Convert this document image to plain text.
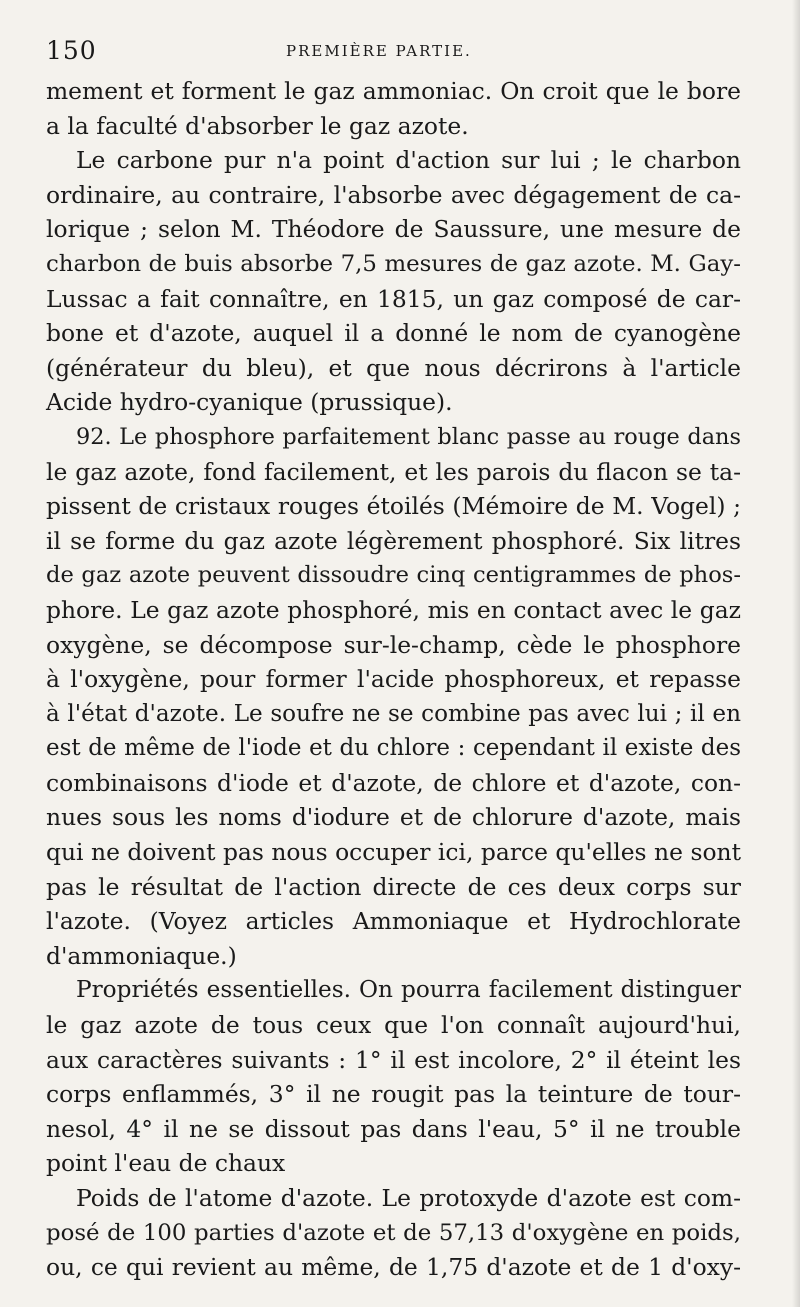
150	PREMIÈRE PARTIE.
mement et forment le gaz ammoniac. On croit que le bore
a la faculté d'absorber le gaz azote.
Le carbone pur n'a point d'action sur lui ; le charbon
ordinaire, au contraire, l'absorbe avec dégagement de ca-
lorique ; selon M. Théodore de Saussure, une mesure de
charbon de buis absorbe 7,5 mesures de gaz azote. M. Gay-
Lussac a fait connaître, en 1815, un gaz composé de car-
bone et d'azote, auquel il a donné le nom de cyanogène
(générateur du bleu), et que nous décrirons à l'article
Acide hydro-cyanique (prussique).
92. Le phosphore parfaitement blanc passe au rouge dans
le gaz azote, fond facilement, et les parois du flacon se ta-
pissent de cristaux rouges étoilés (Mémoire de M. Vogel) ;
il se forme du gaz azote légèrement phosphoré. Six litres
de gaz azote peuvent dissoudre cinq centigrammes de phos-
phore. Le gaz azote phosphoré, mis en contact avec le gaz
oxygène, se décompose sur-le-champ, cède le phosphore
à l'oxygène, pour former l'acide phosphoreux, et repasse
à l'état d'azote. Le soufre ne se combine pas avec lui ; il en
est de même de l'iode et du chlore : cependant il existe des
combinaisons d'iode et d'azote, de chlore et d'azote, con-
nues sous les noms d'iodure et de chlorure d'azote, mais
qui ne doivent pas nous occuper ici, parce qu'elles ne sont
pas le résultat de l'action directe de ces deux corps sur
l'azote. (Voyez articles Ammoniaque et Hydrochlorate
d'ammoniaque.)
Propriétés essentielles. On pourra facilement distinguer
le gaz azote de tous ceux que l'on connaît aujourd'hui,
aux caractères suivants : 1° il est incolore, 2° il éteint les
corps enflammés, 3° il ne rougit pas la teinture de tour-
nesol, 4° il ne se dissout pas dans l'eau, 5° il ne trouble
point l'eau de chaux
Poids de l'atome d'azote. Le protoxyde d'azote est com-
posé de 100 parties d'azote et de 57,13 d'oxygène en poids,
ou, ce qui revient au même, de 1,75 d'azote et de 1 d'oxy-
